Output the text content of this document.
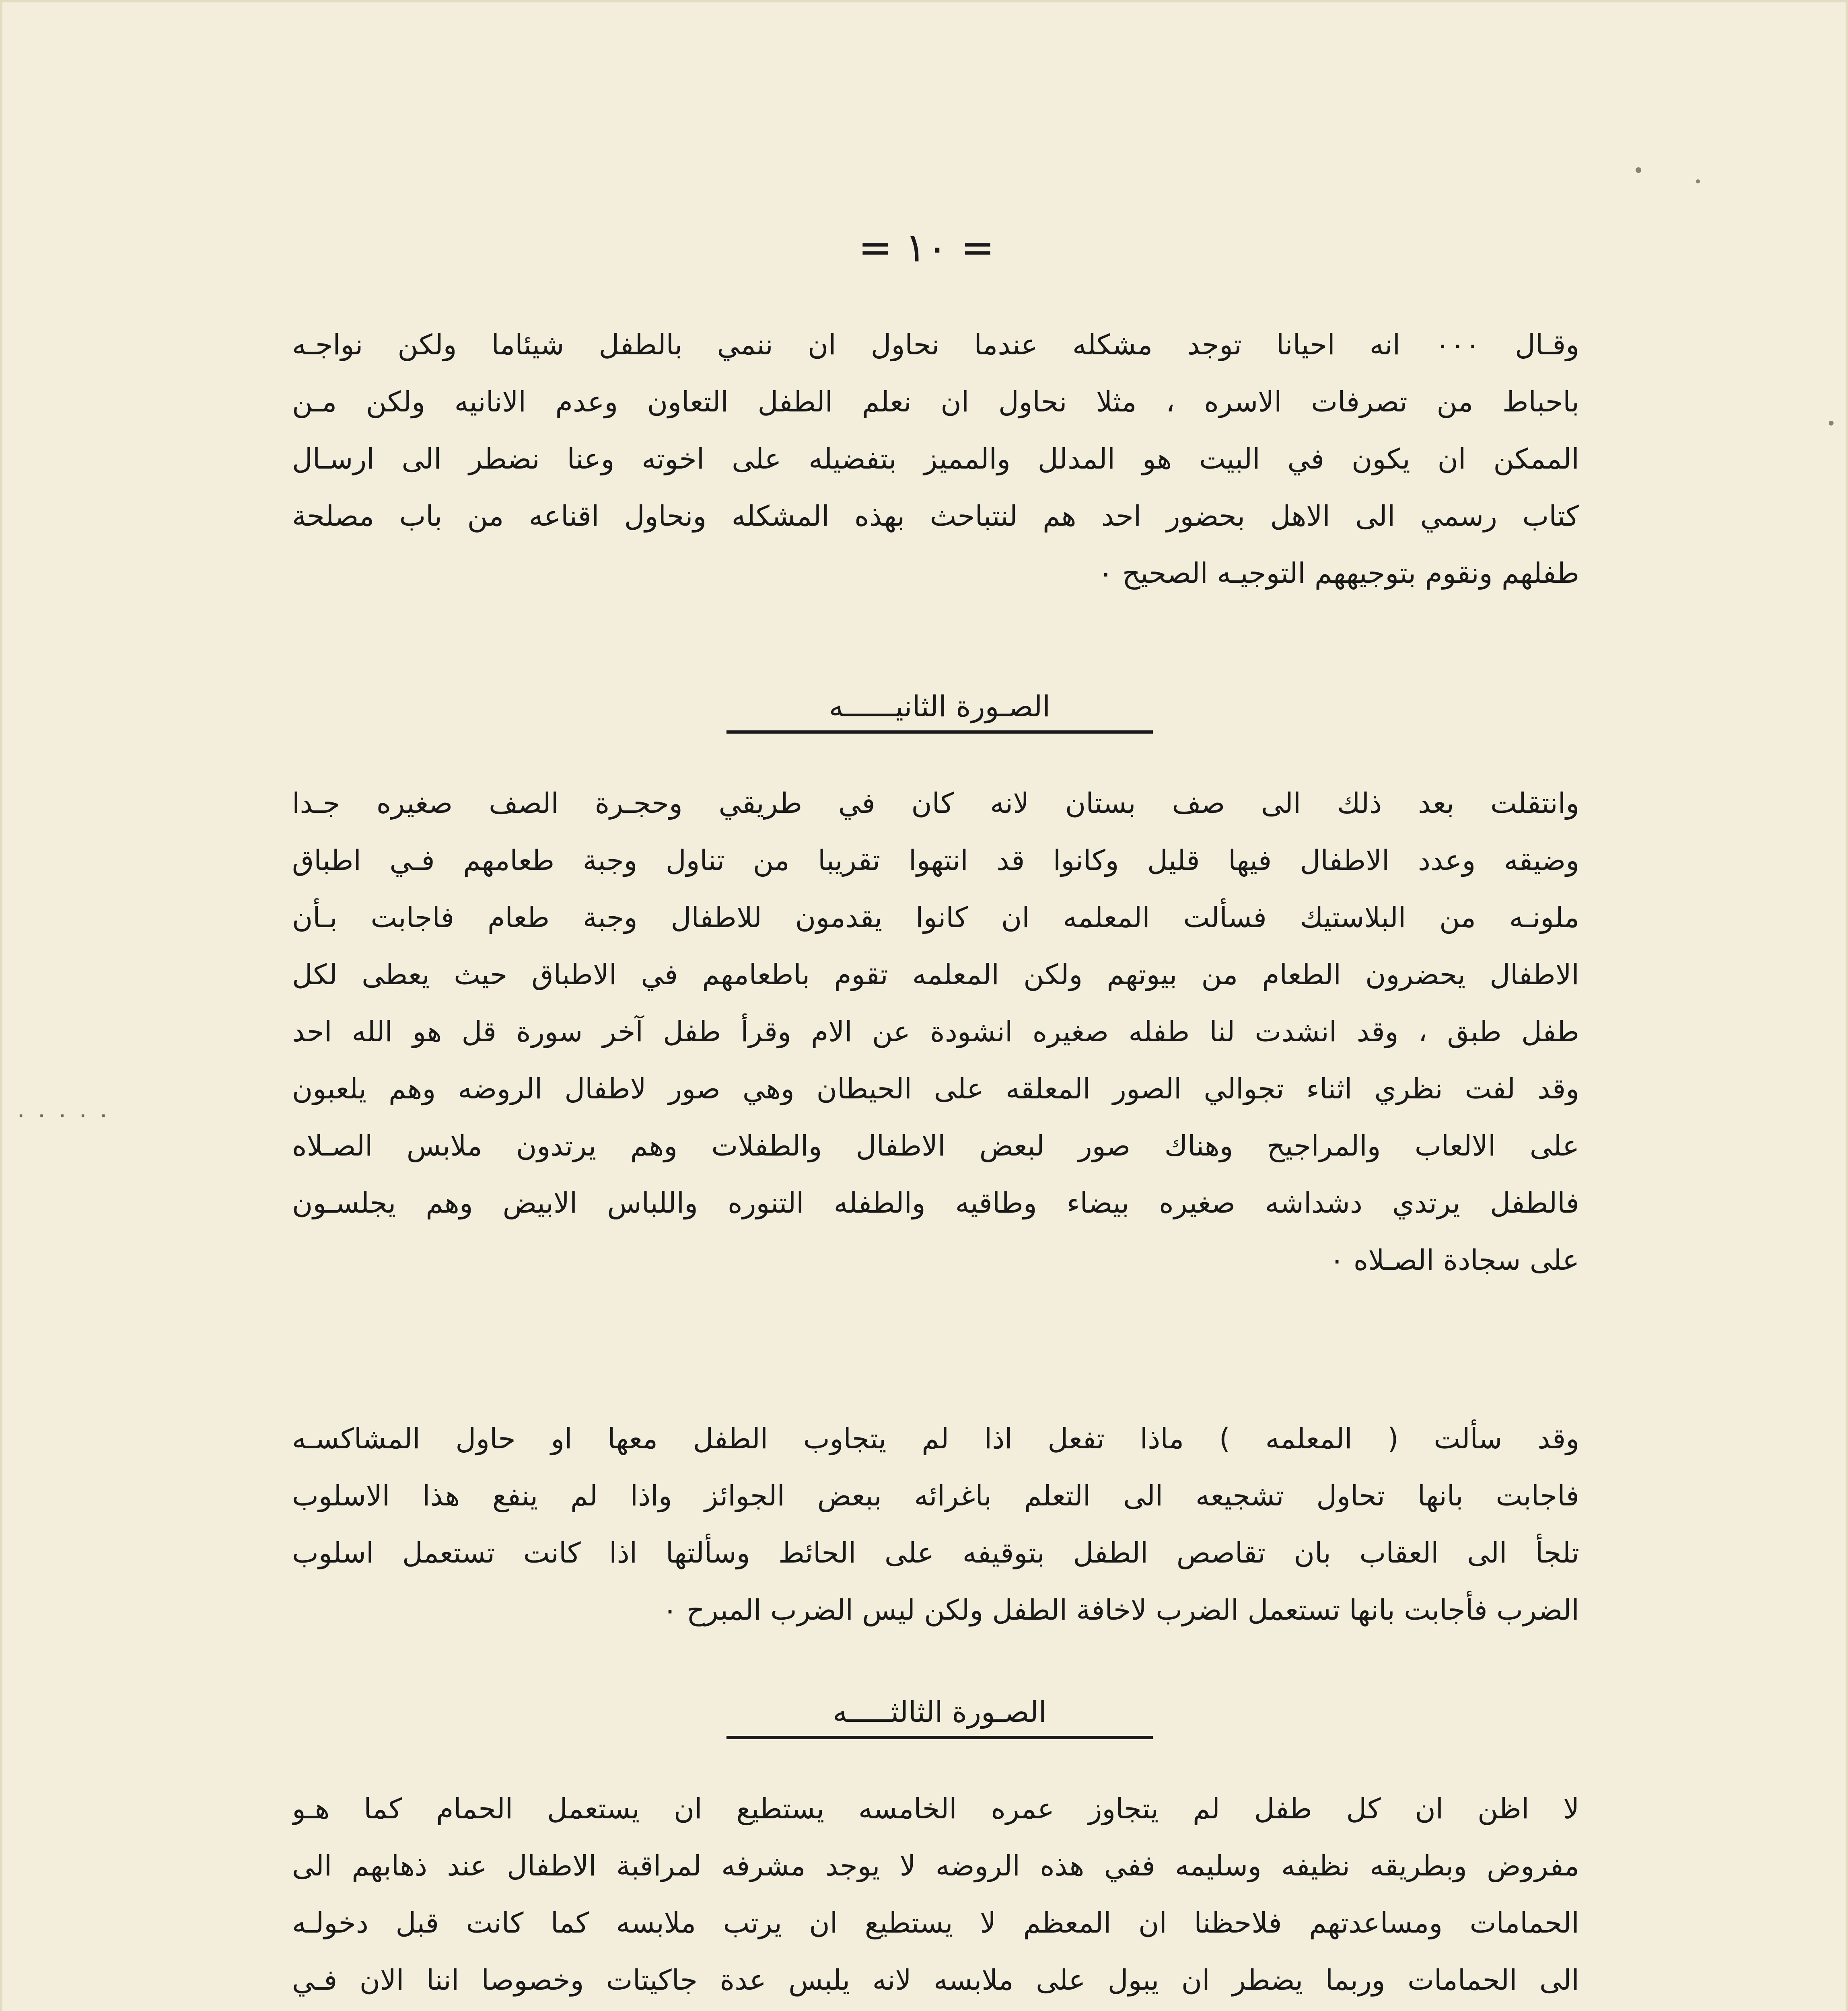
= ١٠ =
وقـال ٠٠٠ انه احيانا توجد مشكله عندما نحاول ان ننمي بالطفل شيئاما ولكن نواجـه
باحباط من تصرفات الاسره ، مثلا نحاول ان نعلم الطفل التعاون وعدم الانانيه ولكن مـن
الممكن ان يكون في البيت هو المدلل والمميز بتفضيله على اخوته وعنا نضطر الى ارسـال
كتاب رسمي الى الاهل بحضور احد هم لنتباحث بهذه المشكله ونحاول اقناعه من باب مصلحة
طفلهم ونقوم بتوجيههم التوجيـه الصحيح ٠
الصـورة الثانيــــــه
وانتقلت بعد ذلك الى صف بستان لانه كان في طريقي وحجـرة الصف صغيره جـدا
وضيقه وعدد الاطفال فيها قليل وكانوا قد انتهوا تقريبا من تناول وجبة طعامهم فـي اطباق
ملونـه من البلاستيك فسألت المعلمه ان كانوا يقدمون للاطفال وجبة طعام فاجابت بـأن
الاطفال يحضرون الطعام من بيوتهم ولكن المعلمه تقوم باطعامهم في الاطباق حيث يعطى لكل
طفل طبق ، وقد انشدت لنا طفله صغيره انشودة عن الام وقرأ طفل آخر سورة قل هو الله احد
وقد لفت نظري اثناء تجوالي الصور المعلقه على الحيطان وهي صور لاطفال الروضه وهم يلعبون
على الالعاب والمراجيح وهناك صور لبعض الاطفال والطفلات وهم يرتدون ملابس الصـلاه
فالطفل يرتدي دشداشه صغيره بيضاء وطاقيه والطفله التنوره واللباس الابيض وهم يجلسـون
على سجادة الصـلاه ٠
٠ ٠ ٠ ٠ ٠
وقد سألت ( المعلمه ) ماذا تفعل اذا لم يتجاوب الطفل معها او حاول المشاكسـه
فاجابت بانها تحاول تشجيعه الى التعلم باغرائه ببعض الجوائز واذا لم ينفع هذا الاسلوب
تلجأ الى العقاب بان تقاصص الطفل بتوقيفه على الحائط وسألتها اذا كانت تستعمل اسلوب
الضرب فأجابت بانها تستعمل الضرب لاخافة الطفل ولكن ليس الضرب المبرح ٠
الصـورة الثالثـــــه
لا اظن ان كل طفل لم يتجاوز عمره الخامسه يستطيع ان يستعمل الحمام كما هـو
مفروض وبطريقه نظيفه وسليمه ففي هذه الروضه لا يوجد مشرفه لمراقبة الاطفال عند ذهابهم الى
الحمامات ومساعدتهم فلاحظنا ان المعظم لا يستطيع ان يرتب ملابسه كما كانت قبل دخولـه
الى الحمامات وربما يضطر ان يبول على ملابسه لانه يلبس عدة جاكيتات وخصوصا اننا الان فـي
